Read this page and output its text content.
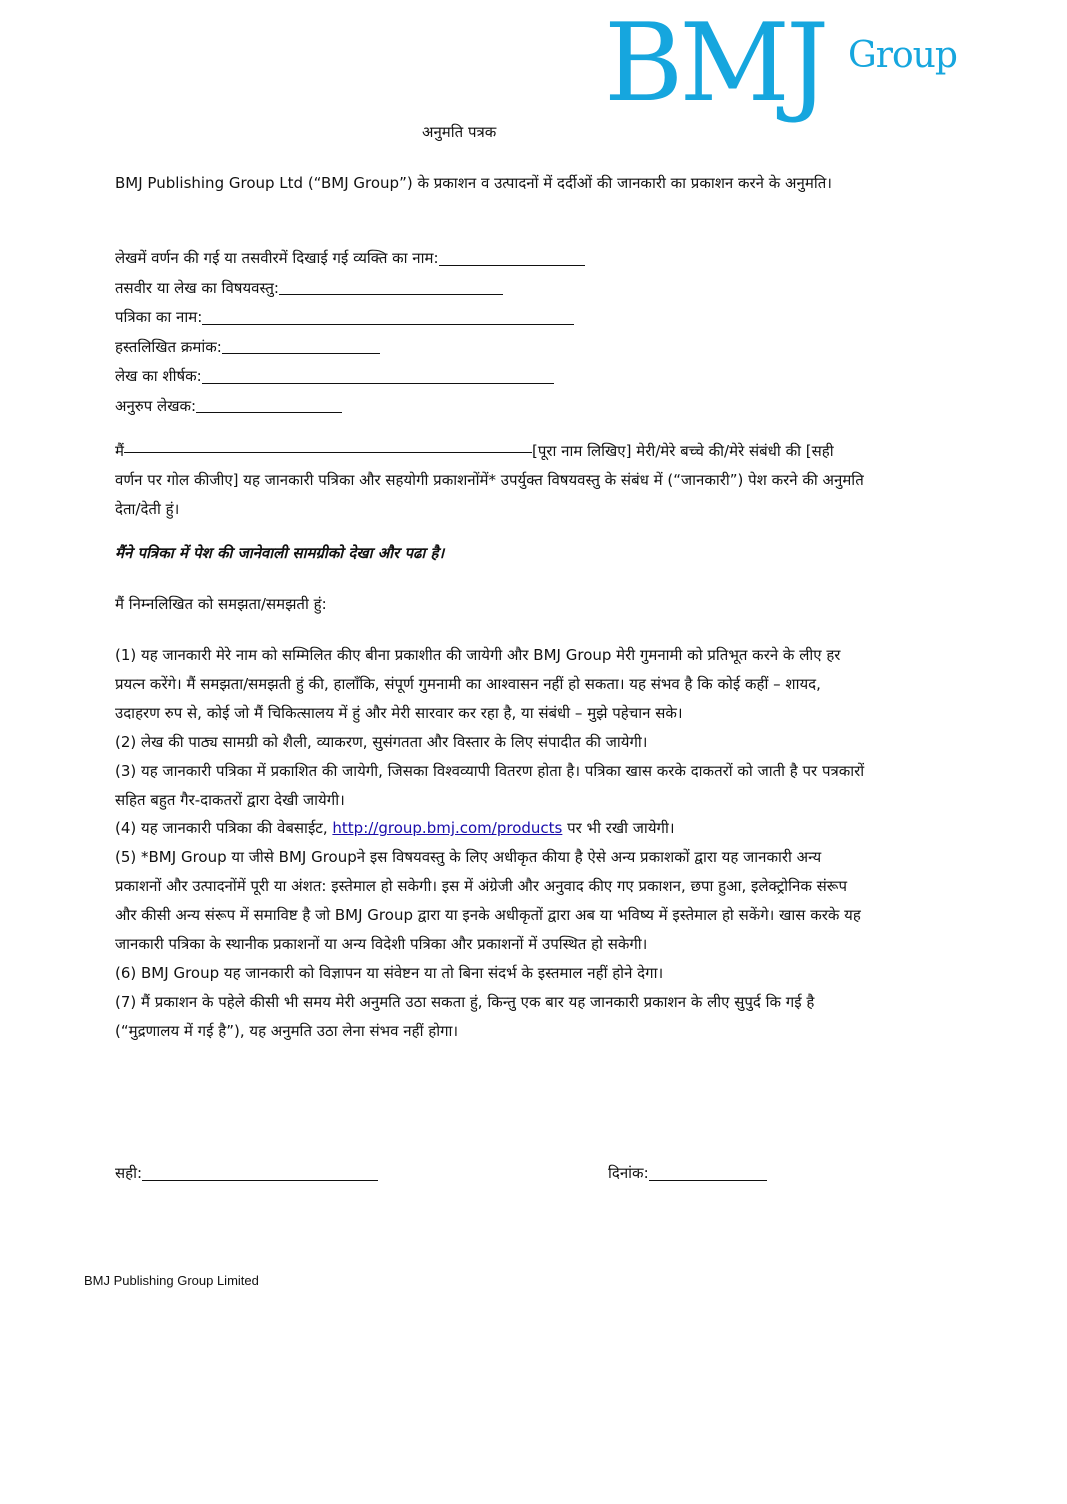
BMJ Group
अनुमति पत्रक
BMJ Publishing Group Ltd (“BMJ Group”) के प्रकाशन व उत्पादनों में दर्दीओं की जानकारी का प्रकाशन करने के अनुमति।
लेखमें वर्णन की गई या तसवीरमें दिखाई गई व्यक्ति का नाम:
तसवीर या लेख का विषयवस्तु:
पत्रिका का नाम:
हस्तलिखित क्रमांक:
लेख का शीर्षक:
अनुरुप लेखक:
मैं	[पूरा नाम लिखिए] मेरी/मेरे बच्चे की/मेरे संबंधी की [सही वर्णन पर गोल कीजीए] यह जानकारी पत्रिका और सहयोगी प्रकाशनोंमें* उपर्युक्त विषयवस्तु के संबंध में (“जानकारी”) पेश करने की अनुमति देता/देती हुं।
मैंने पत्रिका में पेश की जानेवाली सामग्रीको देखा और पढा है।
मैं निम्नलिखित को समझता/समझती हुं:

(1) यह जानकारी मेरे नाम को सम्मिलित कीए बीना प्रकाशीत की जायेगी और BMJ Group मेरी गुमनामी को प्रतिभूत करने के लीए हर प्रयत्न करेंगे। मैं समझता/समझती हुं की, हालाँकि, संपूर्ण गुमनामी का आश्वासन नहीं हो सकता। यह संभव है कि कोई कहीं – शायद, उदाहरण रुप से, कोई जो मैं चिकित्सालय में हुं और मेरी सारवार कर रहा है, या संबंधी – मुझे पहेचान सके।

(2) लेख की पाठ्य सामग्री को शैली, व्याकरण, सुसंगतता और विस्तार के लिए संपादीत की जायेगी।

(3) यह जानकारी पत्रिका में प्रकाशित की जायेगी, जिसका विश्वव्यापी वितरण होता है। पत्रिका खास करके दाकतरों को जाती है पर पत्रकारों सहित बहुत गैर-दाकतरों द्वारा देखी जायेगी।

(4) यह जानकारी पत्रिका की वेबसाईट, http://group.bmj.com/products पर भी रखी जायेगी।

(5) *BMJ Group या जीसे BMJ Groupने इस विषयवस्तु के लिए अधीकृत कीया है ऐसे अन्य प्रकाशकों द्वारा यह जानकारी अन्य प्रकाशनों और उत्पादनोंमें पूरी या अंशत: इस्तेमाल हो सकेगी। इस में अंग्रेजी और अनुवाद कीए गए प्रकाशन, छपा हुआ, इलेक्ट्रोनिक संरूप और कीसी अन्य संरूप में समाविष्ट है जो BMJ Group द्वारा या इनके अधीकृतों द्वारा अब या भविष्य में इस्तेमाल हो सकेंगे। खास करके यह जानकारी पत्रिका के स्थानीक प्रकाशनों या अन्य विदेशी पत्रिका और प्रकाशनों में उपस्थित हो सकेगी।

(6) BMJ Group यह जानकारी को विज्ञापन या संवेष्टन या तो बिना संदर्भ के इस्तमाल नहीं होने देगा।

(7) मैं प्रकाशन के पहेले कीसी भी समय मेरी अनुमति उठा सकता हुं, किन्तु एक बार यह जानकारी प्रकाशन के लीए सुपुर्द कि गई है (“मुद्रणालय में गई है”), यह अनुमति उठा लेना संभव नहीं होगा।

सही:	दिनांक:
BMJ Publishing Group Limited
